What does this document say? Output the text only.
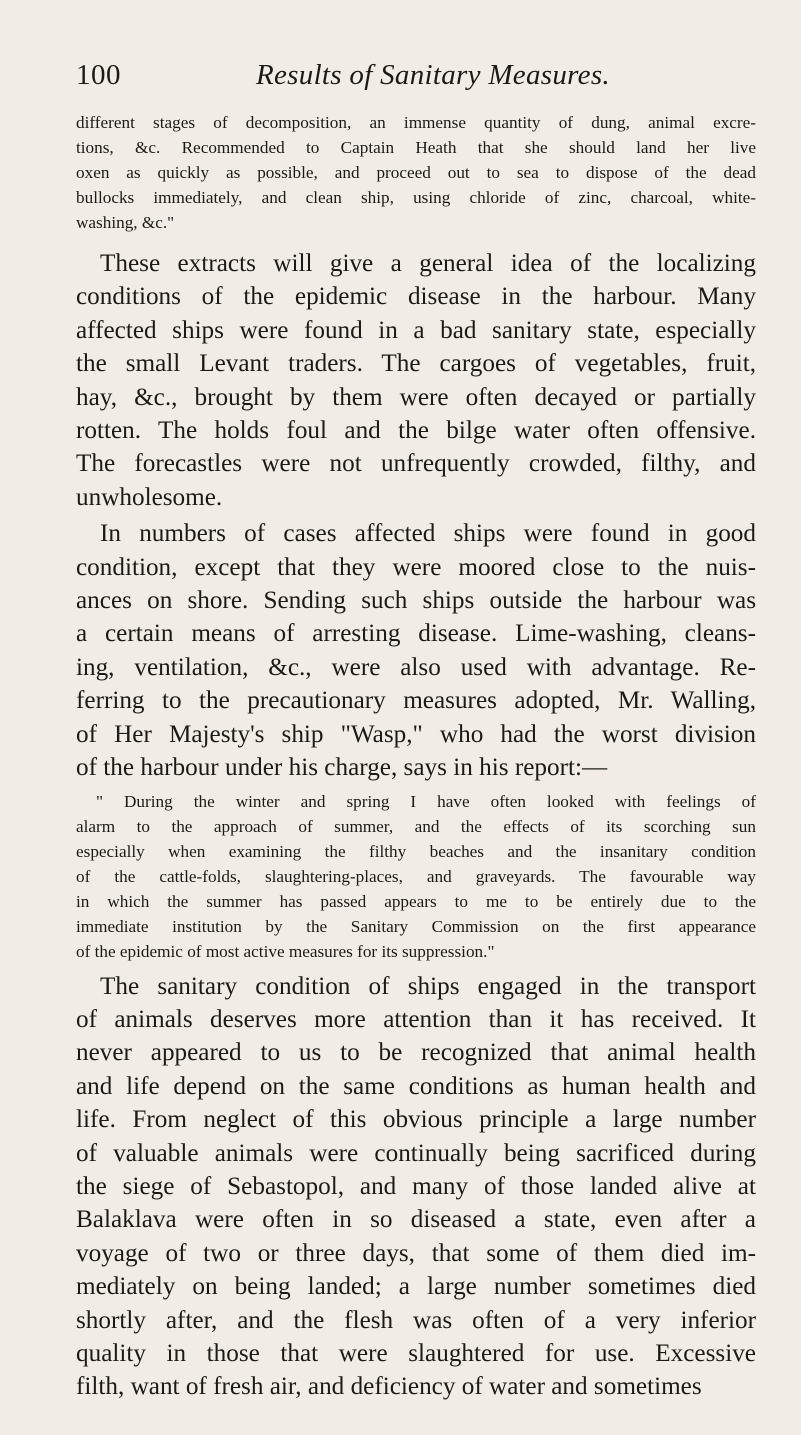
100	Results of Sanitary Measures.
different stages of decomposition, an immense quantity of dung, animal excre-
tions, &c. Recommended to Captain Heath that she should land her live
oxen as quickly as possible, and proceed out to sea to dispose of the dead
bullocks immediately, and clean ship, using chloride of zinc, charcoal, white-
washing, &c."
These extracts will give a general idea of the localizing
conditions of the epidemic disease in the harbour. Many
affected ships were found in a bad sanitary state, especially
the small Levant traders. The cargoes of vegetables, fruit,
hay, &c., brought by them were often decayed or partially
rotten. The holds foul and the bilge water often offensive.
The forecastles were not unfrequently crowded, filthy, and
unwholesome.
In numbers of cases affected ships were found in good
condition, except that they were moored close to the nuis-
ances on shore. Sending such ships outside the harbour was
a certain means of arresting disease. Lime-washing, cleans-
ing, ventilation, &c., were also used with advantage. Re-
ferring to the precautionary measures adopted, Mr. Walling,
of Her Majesty's ship "Wasp," who had the worst division
of the harbour under his charge, says in his report:—
" During the winter and spring I have often looked with feelings of
alarm to the approach of summer, and the effects of its scorching sun
especially when examining the filthy beaches and the insanitary condition
of the cattle-folds, slaughtering-places, and graveyards. The favourable way
in which the summer has passed appears to me to be entirely due to the
immediate institution by the Sanitary Commission on the first appearance
of the epidemic of most active measures for its suppression."
The sanitary condition of ships engaged in the transport
of animals deserves more attention than it has received. It
never appeared to us to be recognized that animal health
and life depend on the same conditions as human health and
life. From neglect of this obvious principle a large number
of valuable animals were continually being sacrificed during
the siege of Sebastopol, and many of those landed alive at
Balaklava were often in so diseased a state, even after a
voyage of two or three days, that some of them died im-
mediately on being landed; a large number sometimes died
shortly after, and the flesh was often of a very inferior
quality in those that were slaughtered for use. Excessive
filth, want of fresh air, and deficiency of water and sometimes
